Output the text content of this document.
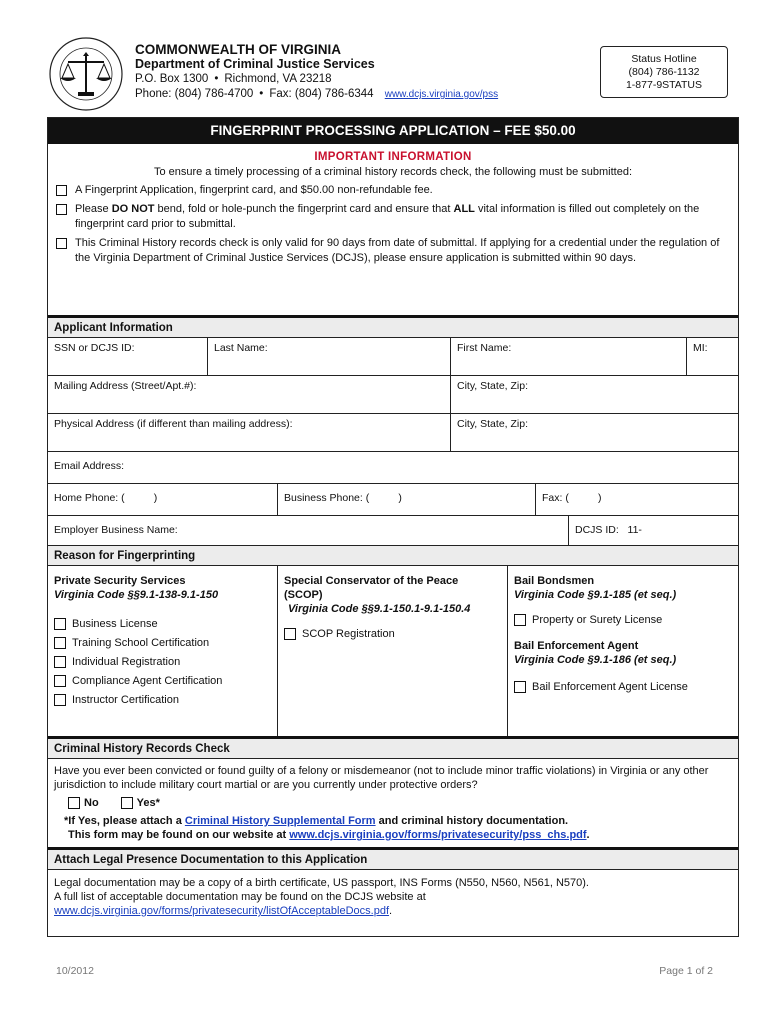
COMMONWEALTH OF VIRGINIA
Department of Criminal Justice Services
P.O. Box 1300 • Richmond, VA 23218
Phone: (804) 786-4700 • Fax: (804) 786-6344 www.dcjs.virginia.gov/pss
Status Hotline
(804) 786-1132
1-877-9STATUS
FINGERPRINT PROCESSING APPLICATION – FEE $50.00
IMPORTANT INFORMATION
To ensure a timely processing of a criminal history records check, the following must be submitted:
A Fingerprint Application, fingerprint card, and $50.00 non-refundable fee.
Please DO NOT bend, fold or hole-punch the fingerprint card and ensure that ALL vital information is filled out completely on the fingerprint card prior to submittal.
This Criminal History records check is only valid for 90 days from date of submittal. If applying for a credential under the regulation of the Virginia Department of Criminal Justice Services (DCJS), please ensure application is submitted within 90 days.
Applicant Information
SSN or DCJS ID:	Last Name:	First Name:	MI:
Mailing Address (Street/Apt.#):	City, State, Zip:
Physical Address (if different than mailing address):	City, State, Zip:
Email Address:
Home Phone: (          )	Business Phone: (          )	Fax: (          )
Employer Business Name:	DCJS ID:   11-
Reason for Fingerprinting
Private Security Services
Virginia Code §§9.1-138-9.1-150
Business License
Training School Certification
Individual Registration
Compliance Agent Certification
Instructor Certification
Special Conservator of the Peace
(SCOP)
Virginia Code §§9.1-150.1-9.1-150.4
SCOP Registration
Bail Bondsmen
Virginia Code §9.1-185 (et seq.)
Property or Surety License
Bail Enforcement Agent
Virginia Code §9.1-186 (et seq.)
Bail Enforcement Agent License
Criminal History Records Check
Have you ever been convicted or found guilty of a felony or misdemeanor (not to include minor traffic violations) in Virginia or any other jurisdiction to include military court martial or are you currently under protective orders?
No	Yes*
*If Yes, please attach a Criminal History Supplemental Form and criminal history documentation.
This form may be found on our website at www.dcjs.virginia.gov/forms/privatesecurity/pss_chs.pdf.
Attach Legal Presence Documentation to this Application
Legal documentation may be a copy of a birth certificate, US passport, INS Forms (N550, N560, N561, N570).
A full list of acceptable documentation may be found on the DCJS website at
www.dcjs.virginia.gov/forms/privatesecurity/listOfAcceptableDocs.pdf.
10/2012	Page 1 of 2
